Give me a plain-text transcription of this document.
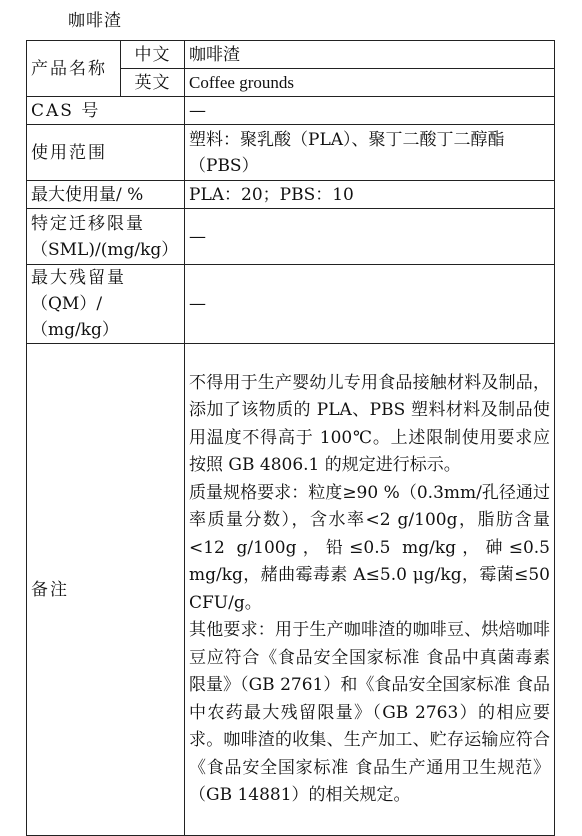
咖啡渣
产品名称	中文	咖啡渣
	英文	Coffee grounds
CAS 号		—
使用范围		塑料：聚乳酸（PLA）、聚丁二酸丁二醇酯（PBS）
最大使用量/ %		PLA：20；PBS：10

特定迁移限量
（SML)/(mg/kg）		—

最大残留量
（QM）/（mg/kg）		—
备注		不得用于生产婴幼儿专用食品接触材料及制品，添加了该物质的 PLA、PBS 塑料材料及制品使用温度不得高于 100℃。上述限制使用要求应按照 GB 4806.1 的规定进行标示。
质量规格要求：粒度≥90 %（0.3mm/孔径通过率质量分数），含水率<2 g/100g，脂肪含量<12 g/100g，铅≤0.5 mg/kg，砷≤0.5 mg/kg，赭曲霉毒素 A≤5.0 μg/kg，霉菌≤50 CFU/g。
其他要求：用于生产咖啡渣的咖啡豆、烘焙咖啡豆应符合《食品安全国家标准 食品中真菌毒素限量》（GB 2761）和《食品安全国家标准 食品中农药最大残留限量》（GB 2763）的相应要求。咖啡渣的收集、生产加工、贮存运输应符合《食品安全国家标准 食品生产通用卫生规范》（GB 14881）的相关规定。
